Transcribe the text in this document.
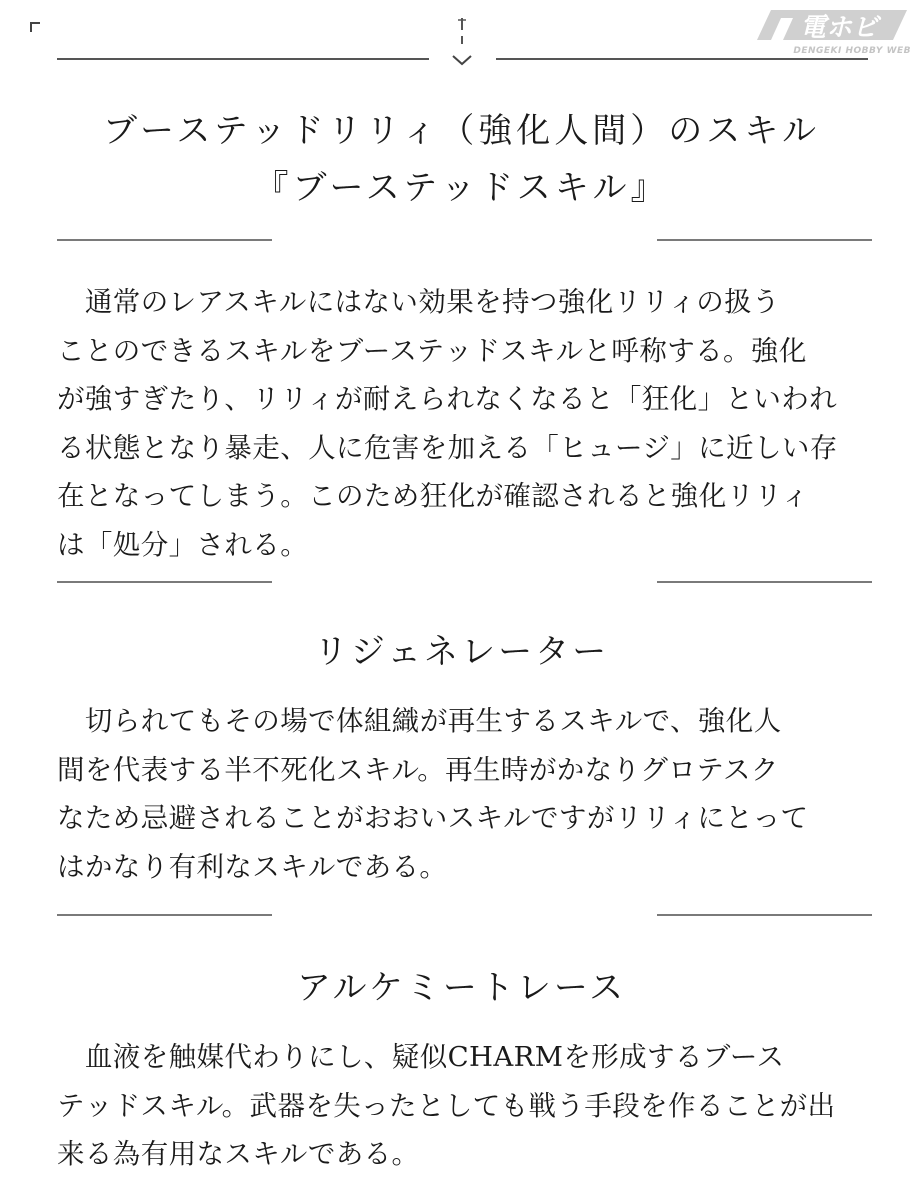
電ホビ
DENGEKI HOBBY WEB
ブーステッドリリィ（強化人間）のスキル
『ブーステッドスキル』
　通常のレアスキルにはない効果を持つ強化リリィの扱う
ことのできるスキルをブーステッドスキルと呼称する。強化
が強すぎたり、リリィが耐えられなくなると「狂化」といわれ
る状態となり暴走、人に危害を加える「ヒュージ」に近しい存
在となってしまう。このため狂化が確認されると強化リリィ
は「処分」される。
リジェネレーター
　切られてもその場で体組織が再生するスキルで、強化人
間を代表する半不死化スキル。再生時がかなりグロテスク
なため忌避されることがおおいスキルですがリリィにとって
はかなり有利なスキルである。
アルケミートレース
　血液を触媒代わりにし、疑似CHARMを形成するブース
テッドスキル。武器を失ったとしても戦う手段を作ることが出
来る為有用なスキルである。
